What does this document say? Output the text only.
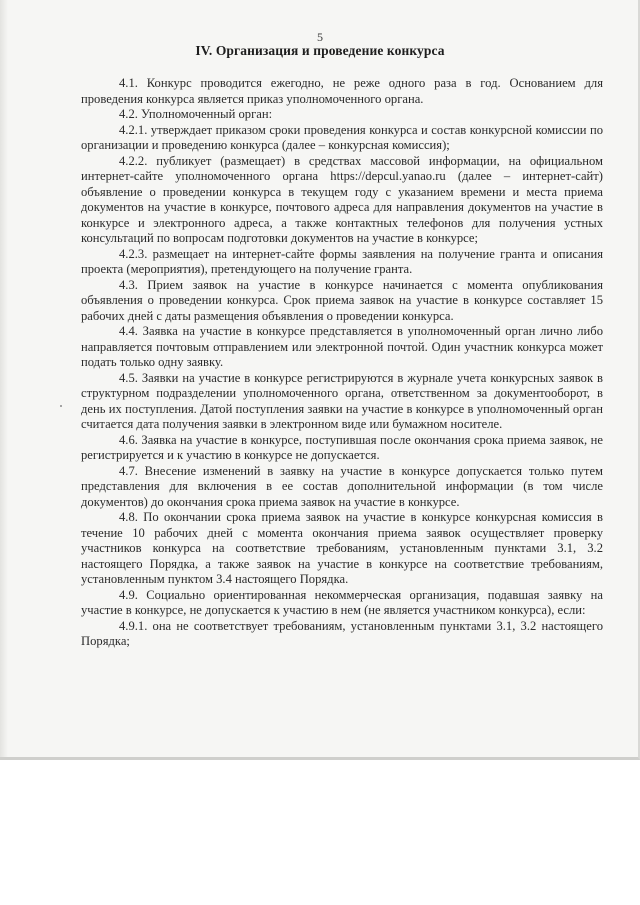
5
IV. Организация и проведение конкурса

4.1. Конкурс проводится ежегодно, не реже одного раза в год. Основанием для проведения конкурса является приказ уполномоченного органа.

4.2. Уполномоченный орган:

4.2.1. утверждает приказом сроки проведения конкурса и состав конкурсной комиссии по организации и проведению конкурса (далее – конкурсная комиссия);

4.2.2. публикует (размещает) в средствах массовой информации, на официальном интернет-сайте уполномоченного органа https://depcul.yanao.ru (далее – интернет-сайт) объявление о проведении конкурса в текущем году с указанием времени и места приема документов на участие в конкурсе, почтового адреса для направления документов на участие в конкурсе и электронного адреса, а также контактных телефонов для получения устных консультаций по вопросам подготовки документов на участие в конкурсе;

4.2.3. размещает на интернет-сайте формы заявления на получение гранта и описания проекта (мероприятия), претендующего на получение гранта.

4.3. Прием заявок на участие в конкурсе начинается с момента опубликования объявления о проведении конкурса. Срок приема заявок на участие в конкурсе составляет 15 рабочих дней с даты размещения объявления о проведении конкурса.

4.4. Заявка на участие в конкурсе представляется в уполномоченный орган лично либо направляется почтовым отправлением или электронной почтой. Один участник конкурса может подать только одну заявку.

4.5. Заявки на участие в конкурсе регистрируются в журнале учета конкурсных заявок в структурном подразделении уполномоченного органа, ответственном за документооборот, в день их поступления. Датой поступления заявки на участие в конкурсе в уполномоченный орган считается дата получения заявки в электронном виде или бумажном носителе.

4.6. Заявка на участие в конкурсе, поступившая после окончания срока приема заявок, не регистрируется и к участию в конкурсе не допускается.

4.7. Внесение изменений в заявку на участие в конкурсе допускается только путем представления для включения в ее состав дополнительной информации (в том числе документов) до окончания срока приема заявок на участие в конкурсе.

4.8. По окончании срока приема заявок на участие в конкурсе конкурсная комиссия в течение 10 рабочих дней с момента окончания приема заявок осуществляет проверку участников конкурса на соответствие требованиям, установленным пунктами 3.1, 3.2 настоящего Порядка, а также заявок на участие в конкурсе на соответствие требованиям, установленным пунктом 3.4 настоящего Порядка.

4.9. Социально ориентированная некоммерческая организация, подавшая заявку на участие в конкурсе, не допускается к участию в нем (не является участником конкурса), если:

4.9.1. она не соответствует требованиям, установленным пунктами 3.1, 3.2 настоящего Порядка;
